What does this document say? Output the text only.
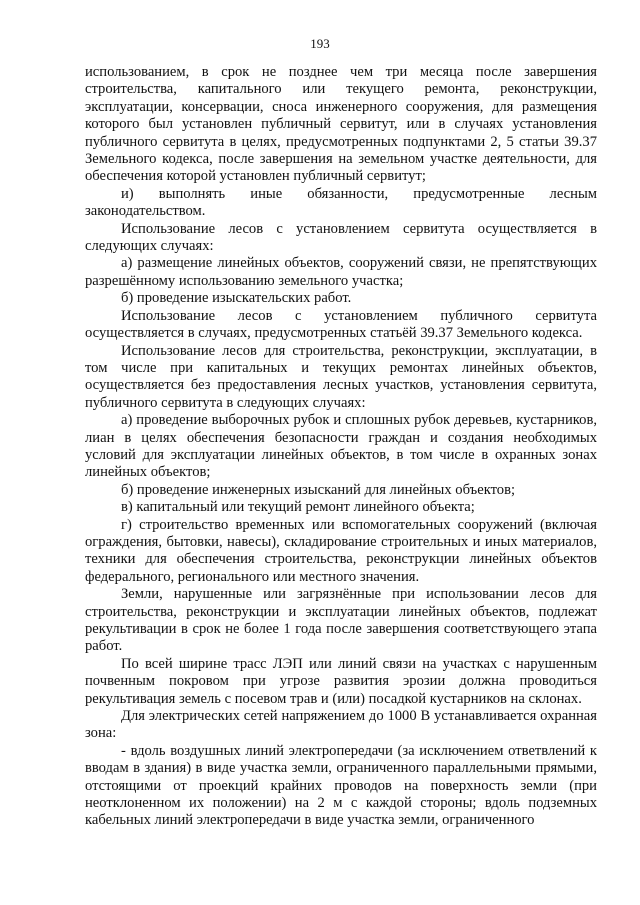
193

использованием, в срок не позднее чем три месяца после завершения строительства, капитального или текущего ремонта, реконструкции, эксплуатации, консервации, сноса инженерного сооружения, для размещения которого был установлен публичный сервитут, или в случаях установления публичного сервитута в целях, предусмотренных подпунктами 2, 5 статьи 39.37 Земельного кодекса, после завершения на земельном участке деятельности, для обеспечения которой установлен публичный сервитут;

и) выполнять иные обязанности, предусмотренные лесным законодательством.

Использование лесов с установлением сервитута осуществляется в следующих случаях:

а) размещение линейных объектов, сооружений связи, не препятствующих разрешённому использованию земельного участка;

б) проведение изыскательских работ.

Использование лесов с установлением публичного сервитута осуществляется в случаях, предусмотренных статьёй 39.37 Земельного кодекса.

Использование лесов для строительства, реконструкции, эксплуатации, в том числе при капитальных и текущих ремонтах линейных объектов, осуществляется без предоставления лесных участков, установления сервитута, публичного сервитута в следующих случаях:

а) проведение выборочных рубок и сплошных рубок деревьев, кустарников, лиан в целях обеспечения безопасности граждан и создания необходимых условий для эксплуатации линейных объектов, в том числе в охранных зонах линейных объектов;

б) проведение инженерных изысканий для линейных объектов;

в) капитальный или текущий ремонт линейного объекта;

г) строительство временных или вспомогательных сооружений (включая ограждения, бытовки, навесы), складирование строительных и иных материалов, техники для обеспечения строительства, реконструкции линейных объектов федерального, регионального или местного значения.

Земли, нарушенные или загрязнённые при использовании лесов для строительства, реконструкции и эксплуатации линейных объектов, подлежат рекультивации в срок не более 1 года после завершения соответствующего этапа работ.

По всей ширине трасс ЛЭП или линий связи на участках с нарушенным почвенным покровом при угрозе развития эрозии должна проводиться рекультивация земель с посевом трав и (или) посадкой кустарников на склонах.

Для электрических сетей напряжением до 1000 В устанавливается охранная зона:

- вдоль воздушных линий электропередачи (за исключением ответвлений к вводам в здания) в виде участка земли, ограниченного параллельными прямыми, отстоящими от проекций крайних проводов на поверхность земли (при неотклоненном их положении) на 2 м с каждой стороны; вдоль подземных кабельных линий электропередачи в виде участка земли, ограниченного
